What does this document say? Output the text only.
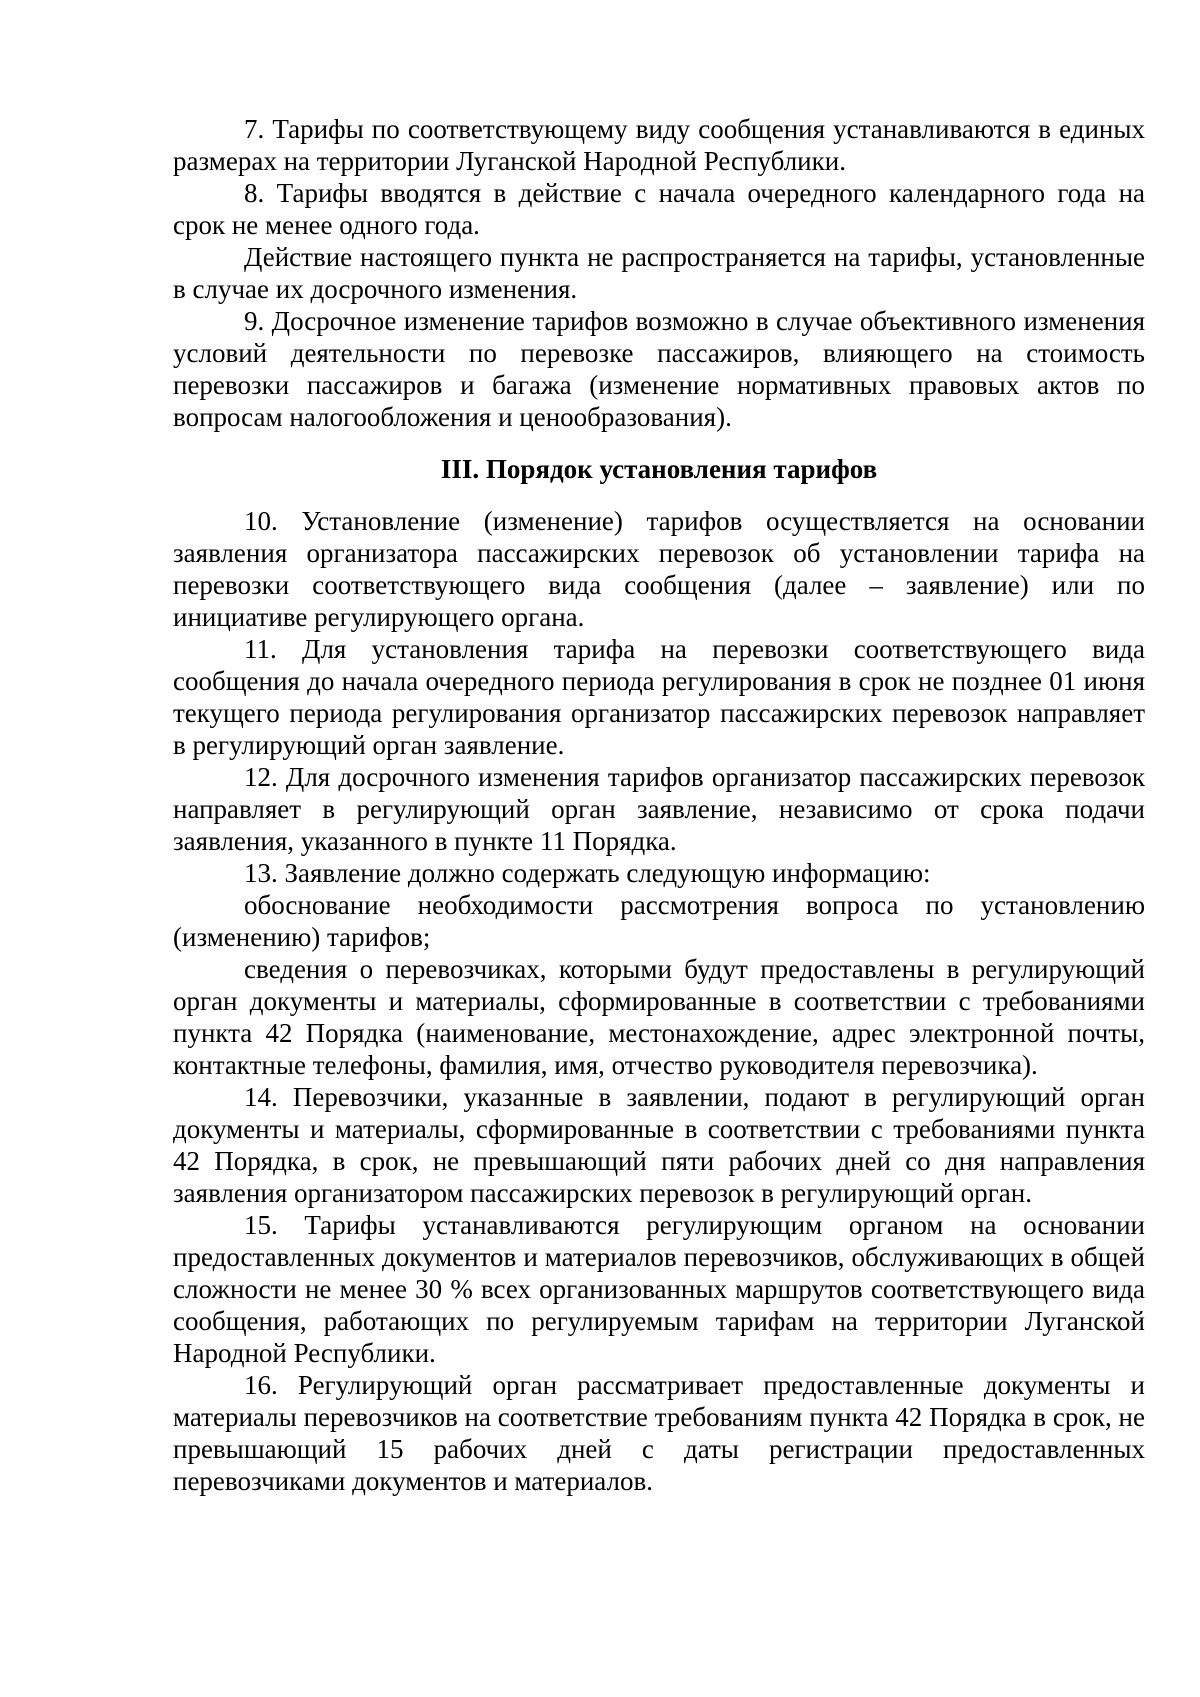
7. Тарифы по соответствующему виду сообщения устанавливаются в единых размерах на территории Луганской Народной Республики.

8. Тарифы вводятся в действие с начала очередного календарного года на срок не менее одного года.

Действие настоящего пункта не распространяется на тарифы, установленные в случае их досрочного изменения.

9. Досрочное изменение тарифов возможно в случае объективного изменения условий деятельности по перевозке пассажиров, влияющего на стоимость перевозки пассажиров и багажа (изменение нормативных правовых актов по вопросам налогообложения и ценообразования).

III. Порядок установления тарифов

10. Установление (изменение) тарифов осуществляется на основании заявления организатора пассажирских перевозок об установлении тарифа на перевозки соответствующего вида сообщения (далее – заявление) или по инициативе регулирующего органа.

11. Для установления тарифа на перевозки соответствующего вида сообщения до начала очередного периода регулирования в срок не позднее 01 июня текущего периода регулирования организатор пассажирских перевозок направляет в регулирующий орган заявление.

12. Для досрочного изменения тарифов организатор пассажирских перевозок направляет в регулирующий орган заявление, независимо от срока подачи заявления, указанного в пункте 11 Порядка.

13. Заявление должно содержать следующую информацию:

обоснование необходимости рассмотрения вопроса по установлению (изменению) тарифов;

сведения о перевозчиках, которыми будут предоставлены в регулирующий орган документы и материалы, сформированные в соответствии с требованиями пункта 42 Порядка (наименование, местонахождение, адрес электронной почты, контактные телефоны, фамилия, имя, отчество руководителя перевозчика).

14. Перевозчики, указанные в заявлении, подают в регулирующий орган документы и материалы, сформированные в соответствии с требованиями пункта 42 Порядка, в срок, не превышающий пяти рабочих дней со дня направления заявления организатором пассажирских перевозок в регулирующий орган.

15. Тарифы устанавливаются регулирующим органом на основании предоставленных документов и материалов перевозчиков, обслуживающих в общей сложности не менее 30 % всех организованных маршрутов соответствующего вида сообщения, работающих по регулируемым тарифам на территории Луганской Народной Республики.

16. Регулирующий орган рассматривает предоставленные документы и материалы перевозчиков на соответствие требованиям пункта 42 Порядка в срок, не превышающий 15 рабочих дней с даты регистрации предоставленных перевозчиками документов и материалов.
